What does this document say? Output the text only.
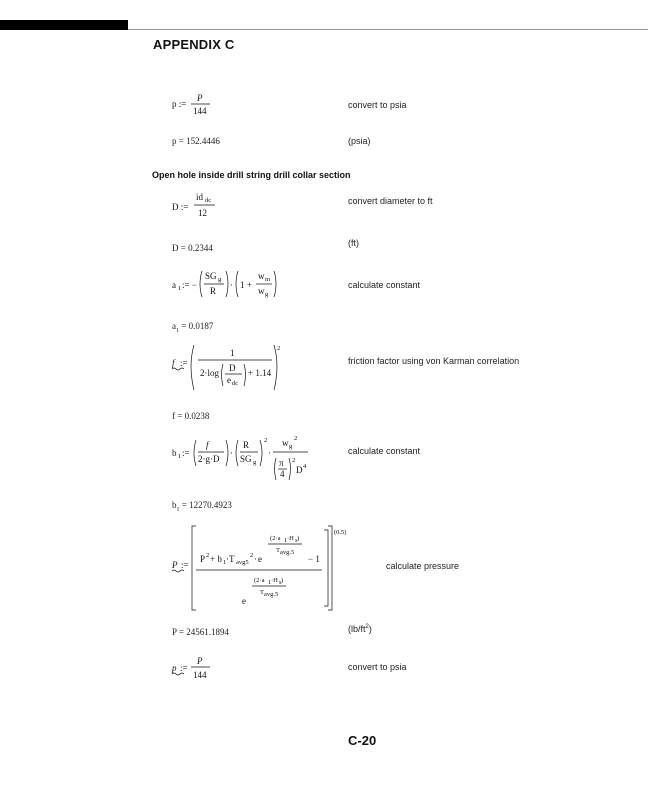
APPENDIX C
p :=
P
144
convert to psia
p = 152.4446	(psia)
Open hole inside drill string drill collar section
D :=
id dc
12
convert diameter to ft
D = 0.2344	(ft)
a 1 := −
SG g
R
· 1 +
w m
w g
calculate constant
$a_1 = 0.0187$
f :=
1
2·log D
e dc
+ 1.14
2
friction factor using von Karman correlation
f = 0.0238
b 1 :=
f
2·g·D
·
R
SG g
2
·
w g
2
π
4
2
D 4
calculate constant
$b_1 = 12270.4923$
P :=
(0.5)
(2·a 1 ·H s )
T avg.5
P 2 + b 1 ·T avg5
2 · e	− 1
(2·a 1 ·H s )
T avg.5
e
calculate pressure
P = 24561.1894	$(lb/ft^2)$
p :=
P
144
convert to psia
C-20
